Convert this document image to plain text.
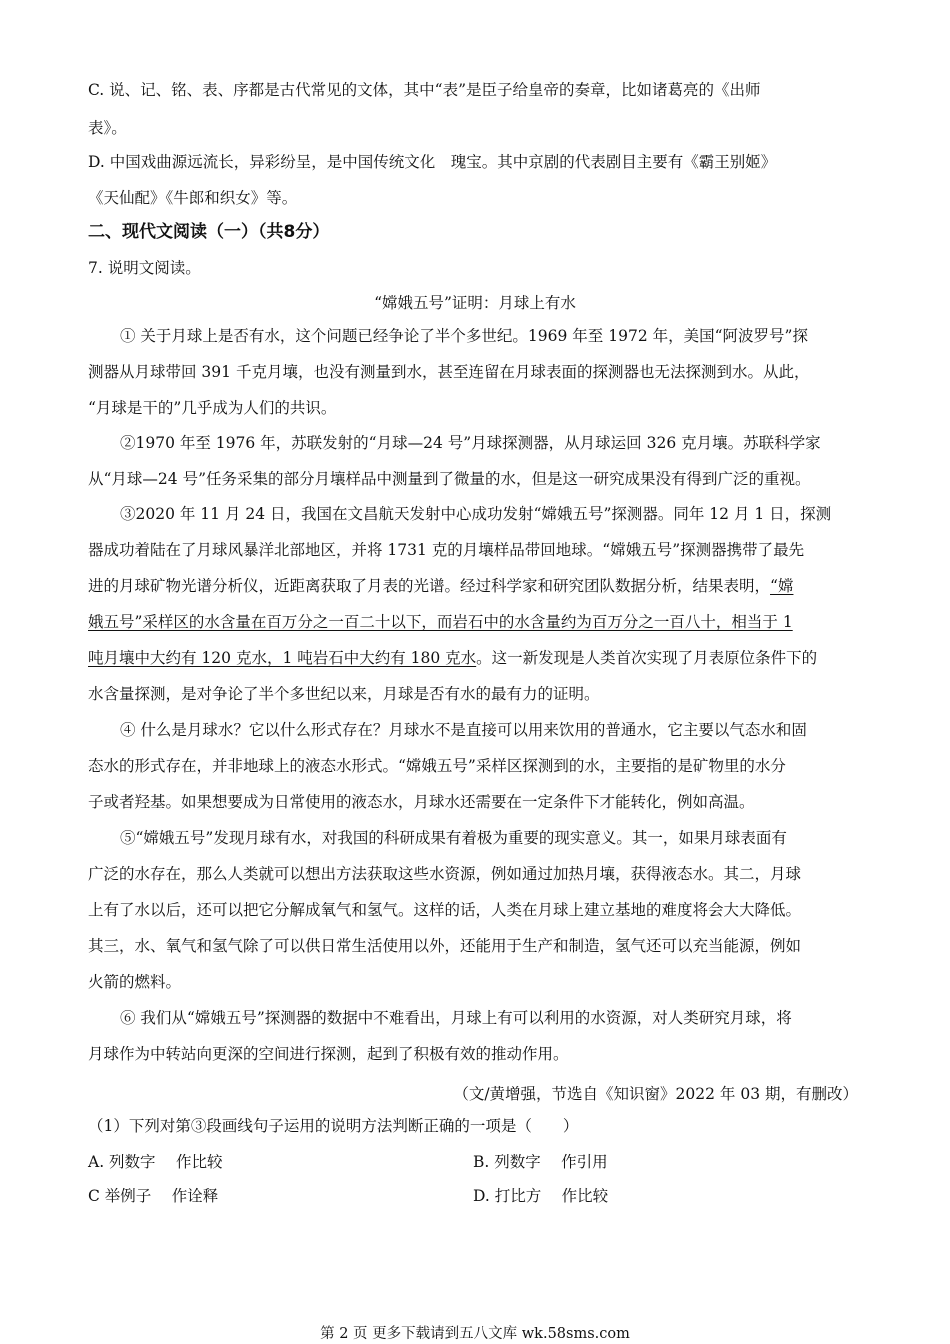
C. 说、记、铭、表、序都是古代常见的文体，其中“表”是臣子给皇帝的奏章，比如诸葛亮的《出师
表》。
D. 中国戏曲源远流长，异彩纷呈，是中国传统文化　瑰宝。其中京剧的代表剧目主要有《霸王别姬》
《天仙配》《牛郎和织女》等。
二、现代文阅读（一）（共8分）
7. 说明文阅读。
“嫦娥五号”证明：月球上有水
① 关于月球上是否有水，这个问题已经争论了半个多世纪。1969 年至 1972 年，美国“阿波罗号”探
测器从月球带回 391 千克月壤，也没有测量到水，甚至连留在月球表面的探测器也无法探测到水。从此，
“月球是干的”几乎成为人们的共识。
②1970 年至 1976 年，苏联发射的“月球—24 号”月球探测器，从月球运回 326 克月壤。苏联科学家
从“月球—24 号”任务采集的部分月壤样品中测量到了微量的水，但是这一研究成果没有得到广泛的重视。
③2020 年 11 月 24 日，我国在文昌航天发射中心成功发射“嫦娥五号”探测器。同年 12 月 1 日，探测
器成功着陆在了月球风暴洋北部地区，并将 1731 克的月壤样品带回地球。“嫦娥五号”探测器携带了最先
进的月球矿物光谱分析仪，近距离获取了月表的光谱。经过科学家和研究团队数据分析，结果表明，“嫦
娥五号”采样区的水含量在百万分之一百二十以下，而岩石中的水含量约为百万分之一百八十，相当于 1
吨月壤中大约有 120 克水，1 吨岩石中大约有 180 克水。这一新发现是人类首次实现了月表原位条件下的
水含量探测，是对争论了半个多世纪以来，月球是否有水的最有力的证明。
④ 什么是月球水？它以什么形式存在？月球水不是直接可以用来饮用的普通水，它主要以气态水和固
态水的形式存在，并非地球上的液态水形式。“嫦娥五号”采样区探测到的水，主要指的是矿物里的水分
子或者羟基。如果想要成为日常使用的液态水，月球水还需要在一定条件下才能转化，例如高温。
⑤“嫦娥五号”发现月球有水，对我国的科研成果有着极为重要的现实意义。其一，如果月球表面有
广泛的水存在，那么人类就可以想出方法获取这些水资源，例如通过加热月壤，获得液态水。其二，月球
上有了水以后，还可以把它分解成氧气和氢气。这样的话，人类在月球上建立基地的难度将会大大降低。
其三，水、氧气和氢气除了可以供日常生活使用以外，还能用于生产和制造，氢气还可以充当能源，例如
火箭的燃料。
⑥ 我们从“嫦娥五号”探测器的数据中不难看出，月球上有可以利用的水资源，对人类研究月球，将
月球作为中转站向更深的空间进行探测，起到了积极有效的推动作用。
（文/黄增强，节选自《知识窗》2022 年 03 期，有删改）
（1）下列对第③段画线句子运用的说明方法判断正确的一项是（　　）
A. 列数字　 作比较	B. 列数字　 作引用
C 举例子　 作诠释	D. 打比方　 作比较
第 2 页 更多下载请到五八文库 wk.58sms.com
